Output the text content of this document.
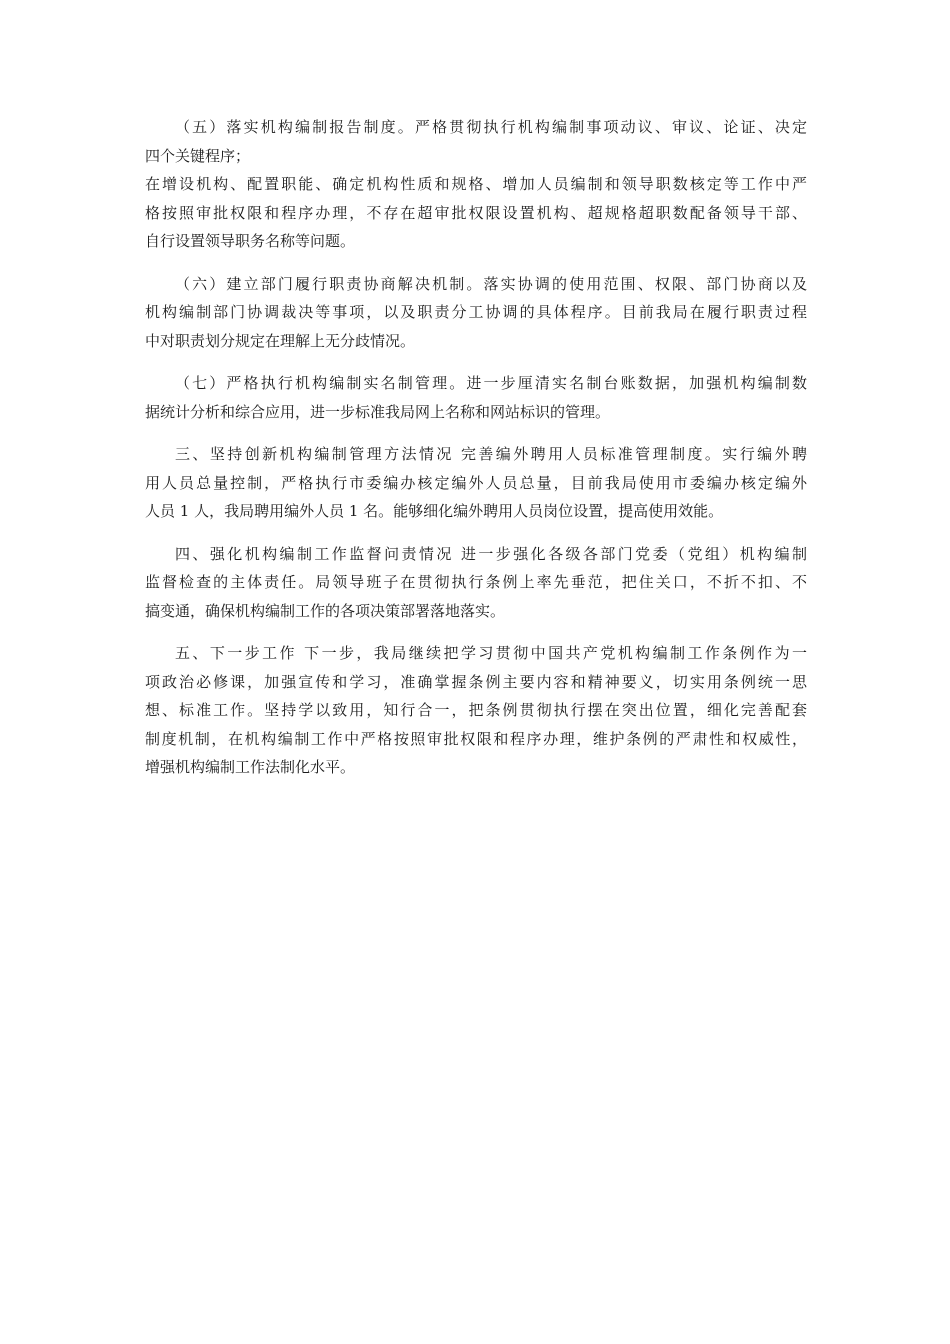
（五）落实机构编制报告制度。严格贯彻执行机构编制事项动议、审议、论证、决定
四个关键程序；
在增设机构、配置职能、确定机构性质和规格、增加人员编制和领导职数核定等工作中严
格按照审批权限和程序办理，不存在超审批权限设置机构、超规格超职数配备领导干部、
自行设置领导职务名称等问题。

（六）建立部门履行职责协商解决机制。落实协调的使用范围、权限、部门协商以及
机构编制部门协调裁决等事项，以及职责分工协调的具体程序。目前我局在履行职责过程
中对职责划分规定在理解上无分歧情况。

（七）严格执行机构编制实名制管理。进一步厘清实名制台账数据，加强机构编制数
据统计分析和综合应用，进一步标准我局网上名称和网站标识的管理。

三、坚持创新机构编制管理方法情况 完善编外聘用人员标准管理制度。实行编外聘
用人员总量控制，严格执行市委编办核定编外人员总量，目前我局使用市委编办核定编外
人员 1 人，我局聘用编外人员 1 名。能够细化编外聘用人员岗位设置，提高使用效能。

四、强化机构编制工作监督问责情况 进一步强化各级各部门党委（党组）机构编制
监督检查的主体责任。局领导班子在贯彻执行条例上率先垂范，把住关口，不折不扣、不
搞变通，确保机构编制工作的各项决策部署落地落实。

五、下一步工作 下一步，我局继续把学习贯彻中国共产党机构编制工作条例作为一
项政治必修课，加强宣传和学习，准确掌握条例主要内容和精神要义，切实用条例统一思
想、标准工作。坚持学以致用，知行合一，把条例贯彻执行摆在突出位置，细化完善配套
制度机制，在机构编制工作中严格按照审批权限和程序办理，维护条例的严肃性和权威性，
增强机构编制工作法制化水平。
